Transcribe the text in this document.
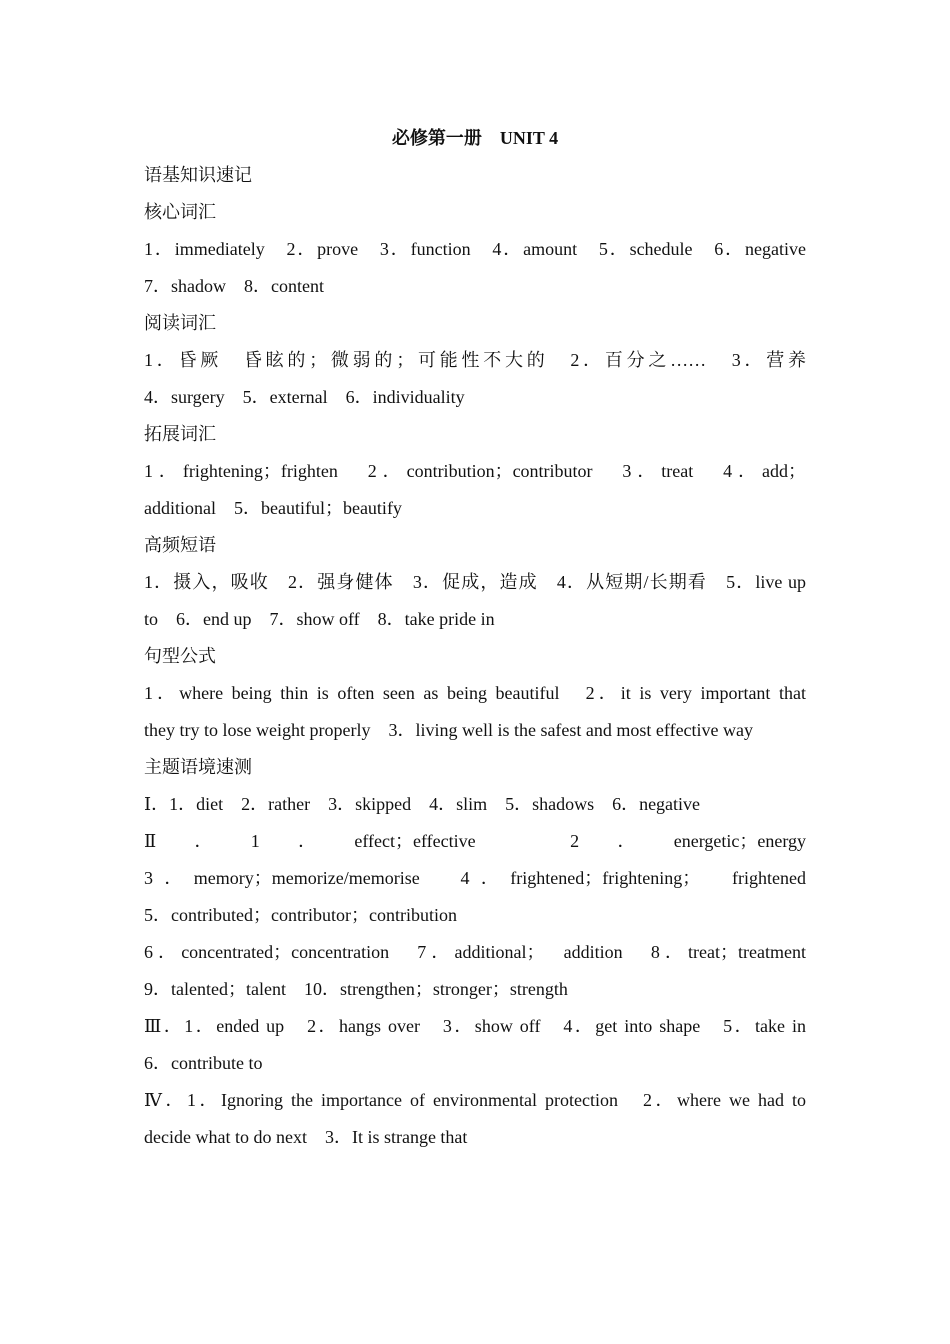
必修第一册　UNIT 4
语基知识速记
核心词汇
1．immediately　2．prove　3．function　4．amount　5．schedule　6．negative
7．shadow　8．content
阅读词汇
1．昏厥　昏眩的；微弱的；可能性不大的　2．百分之……　3．营养
4．surgery　5．external　6．individuality
拓展词汇
1．frightening；frighten　2．contribution；contributor　3．treat　4．add；
additional　5．beautiful；beautify
高频短语
1．摄入，吸收　2．强身健体　3．促成，造成　4．从短期/长期看　5．live up
to　6．end up　7．show off　8．take pride in
句型公式
1．where being thin is often seen as being beautiful　2．it is very important that
they try to lose weight properly　3．living well is the safest and most effective way
主题语境速测
Ⅰ．1．diet　2．rather　3．skipped　4．slim　5．shadows　6．negative
Ⅱ．1．effect；effective　2．energetic；energy
3．memory；memorize/memorise　4．frightened；frightening；　frightened
5．contributed；contributor；contribution
6．concentrated；concentration　7．additional；　addition　8．treat；treatment
9．talented；talent　10．strengthen；stronger；strength
Ⅲ．1．ended up　2．hangs over　3．show off　4．get into shape　5．take in
6．contribute to
Ⅳ．1．Ignoring the importance of environmental protection　2．where we had to
decide what to do next　3．It is strange that
